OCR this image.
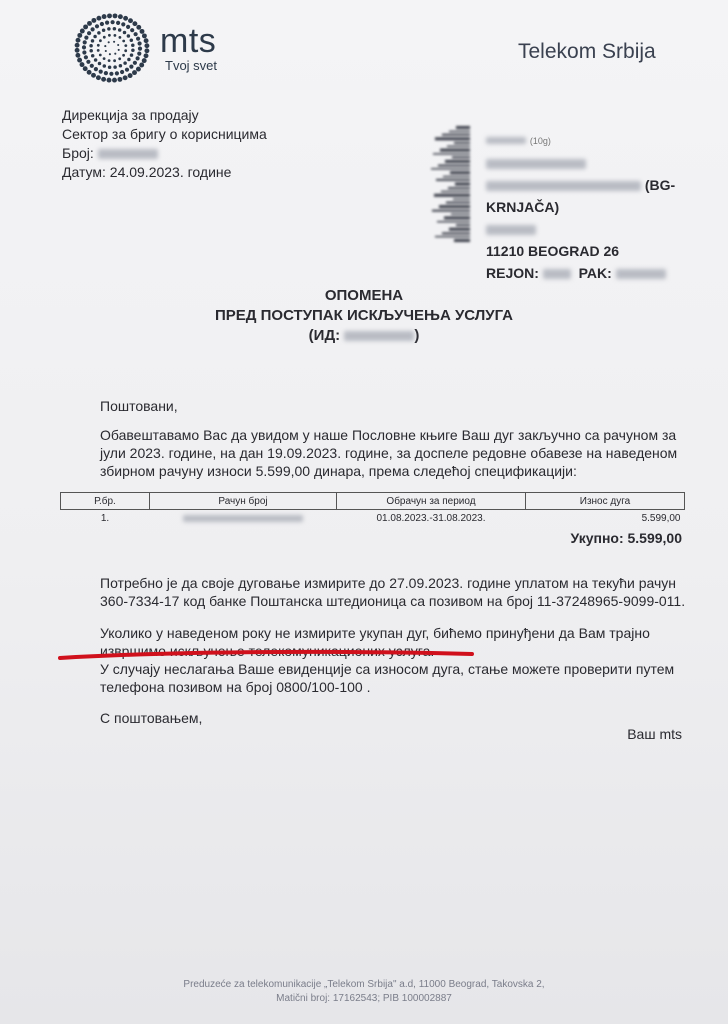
mts
Tvoj svet
Telekom Srbija
Дирекција за продају
Сектор за бригу о корисницима
Број:
Датум: 24.09.2023. године
(10g)
(BG-
KRNJAČA)
11210 BEOGRAD 26
REJON:	PAK:
ОПОМЕНА
ПРЕД ПОСТУПАК ИСКЉУЧЕЊА УСЛУГА
(ИД:	)
Поштовани,
Обавештавамо Вас да увидом у наше Пословне књиге Ваш дуг закључно са рачуном за јули 2023. године, на дан 19.09.2023. године, за доспеле редовне обавезе на наведеном збирном рачуну износи 5.599,00 динара, према следећој спецификацији:
Р.бр.	Рачун број	Обрачун за период	Износ дуга
1.		01.08.2023.-31.08.2023.	5.599,00
Укупно: 5.599,00
Потребно је да своје дуговање измирите до 27.09.2023. године уплатом на текући рачун 360-7334-17 код банке Поштанска штедионица са позивом на број 11-37248965-9099-011.
Уколико у наведеном року не измирите укупан дуг, бићемо принуђени да Вам трајно извршимо искључење телекомуникационих услуга.
У случају неслагања Ваше евиденције са износом дуга, стање можете проверити путем телефона позивом на број 0800/100-100 .
С поштовањем,
Ваш mts
Preduzeće za telekomunikacije „Telekom Srbija" a.d, 11000 Beograd, Takovska 2,
Matični broj: 17162543; PIB 100002887
